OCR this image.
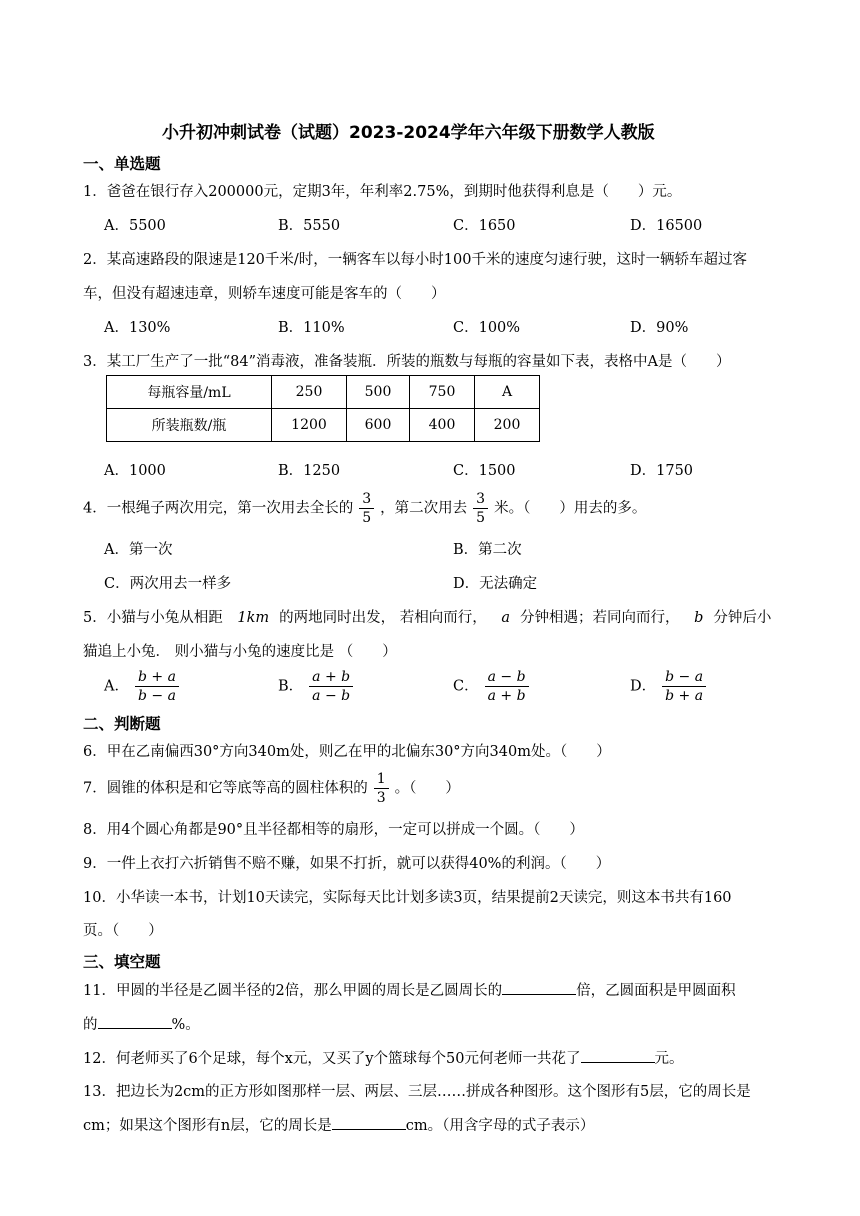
小升初冲刺试卷（试题）2023-2024学年六年级下册数学人教版
一、单选题
1．爸爸在银行存入200000元，定期3年，年利率2.75%，到期时他获得利息是（　　）元。
A．5500	B．5550	C．1650	D．16500
2．某高速路段的限速是120千米/时，一辆客车以每小时100千米的速度匀速行驶，这时一辆轿车超过客
车，但没有超速违章，则轿车速度可能是客车的（　　）
A．130%	B．110%	C．100%	D．90%
3．某工厂生产了一批“84”消毒液，准备装瓶．所装的瓶数与每瓶的容量如下表，表格中A是（　　）
每瓶容量/mL	250	500	750	A
所装瓶数/瓶	1200	600	400	200
A．1000	B．1250	C．1500	D．1750
4．一根绳子两次用完，第一次用去全长的 $\frac{3}{5}$ ，第二次用去 $\frac{3}{5}$ 米。（　　）用去的多。
A．第一次	B．第二次
C．两次用去一样多	D．无法确定
5．小猫与小兔从相距 1km 的两地同时出发， 若相向而行， a 分钟相遇；若同向而行， b 分钟后小
猫追上小兔． 则小猫与小兔的速度比是 （　　）
A． $\frac{b + a}{b - a}$	B． $\frac{a + b}{a - b}$	C． $\frac{a - b}{a + b}$	D． $\frac{b - a}{b + a}$
二、判断题
6．甲在乙南偏西30°方向340m处，则乙在甲的北偏东30°方向340m处。（　　）
7．圆锥的体积是和它等底等高的圆柱体积的 $\frac{1}{3}$ 。（　　）
8．用4个圆心角都是90°且半径都相等的扇形，一定可以拼成一个圆。（　　）
9．一件上衣打六折销售不赔不赚，如果不打折，就可以获得40%的利润。（　　）
10．小华读一本书，计划10天读完，实际每天比计划多读3页，结果提前2天读完，则这本书共有160
页。（　　）
三、填空题
11．甲圆的半径是乙圆半径的2倍，那么甲圆的周长是乙圆周长的	倍，乙圆面积是甲圆面积
的	%。
12．何老师买了6个足球，每个x元，又买了y个篮球每个50元何老师一共花了	元。
13．把边长为2cm的正方形如图那样一层、两层、三层……拼成各种图形。这个图形有5层，它的周长是
cm；如果这个图形有n层，它的周长是	cm。（用含字母的式子表示）
